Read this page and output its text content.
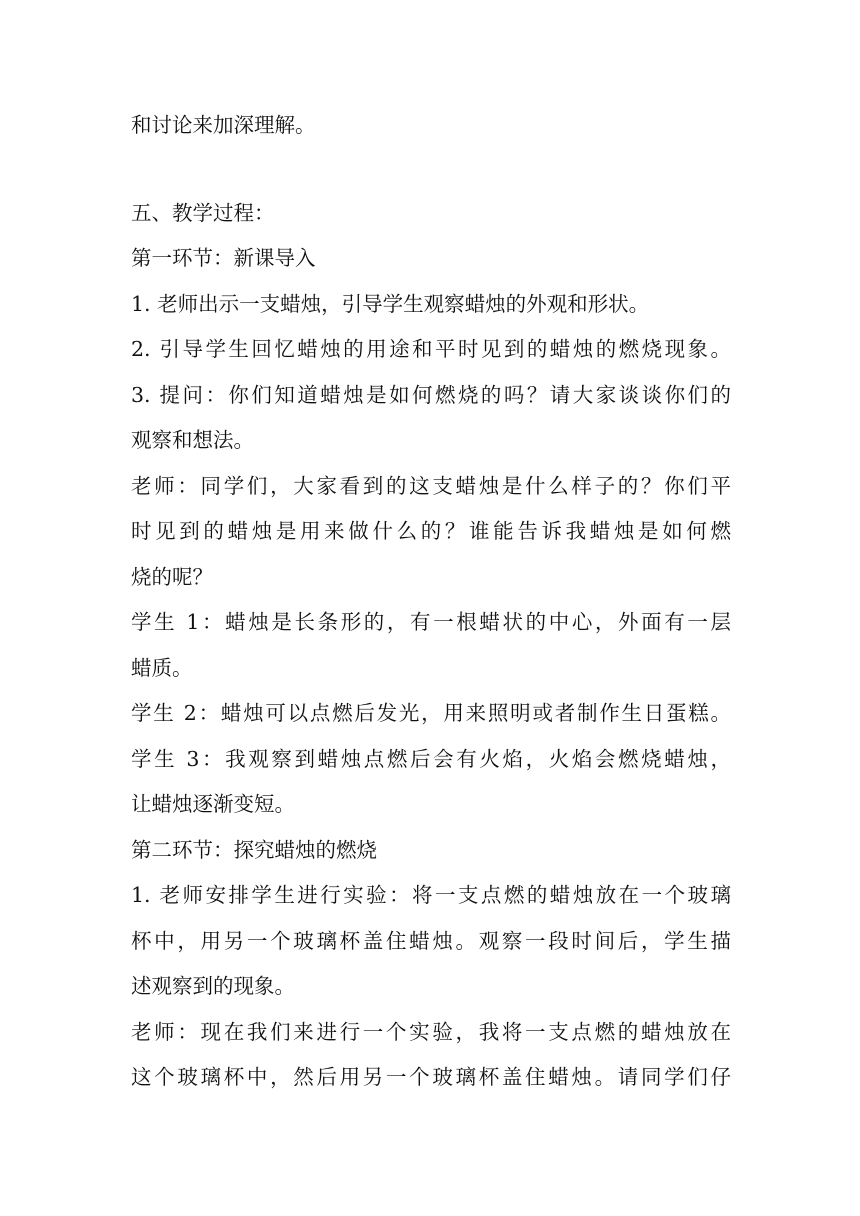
和讨论来加深理解。
五、教学过程：
第一环节：新课导入
1. 老师出示一支蜡烛，引导学生观察蜡烛的外观和形状。
2. 引导学生回忆蜡烛的用途和平时见到的蜡烛的燃烧现象。
3. 提问：你们知道蜡烛是如何燃烧的吗？请大家谈谈你们的
观察和想法。
老师：同学们，大家看到的这支蜡烛是什么样子的？你们平
时见到的蜡烛是用来做什么的？谁能告诉我蜡烛是如何燃
烧的呢？
学生 1：蜡烛是长条形的，有一根蜡状的中心，外面有一层
蜡质。
学生 2：蜡烛可以点燃后发光，用来照明或者制作生日蛋糕。
学生 3：我观察到蜡烛点燃后会有火焰，火焰会燃烧蜡烛，
让蜡烛逐渐变短。
第二环节：探究蜡烛的燃烧
1. 老师安排学生进行实验：将一支点燃的蜡烛放在一个玻璃
杯中，用另一个玻璃杯盖住蜡烛。观察一段时间后，学生描
述观察到的现象。
老师：现在我们来进行一个实验，我将一支点燃的蜡烛放在
这个玻璃杯中，然后用另一个玻璃杯盖住蜡烛。请同学们仔
